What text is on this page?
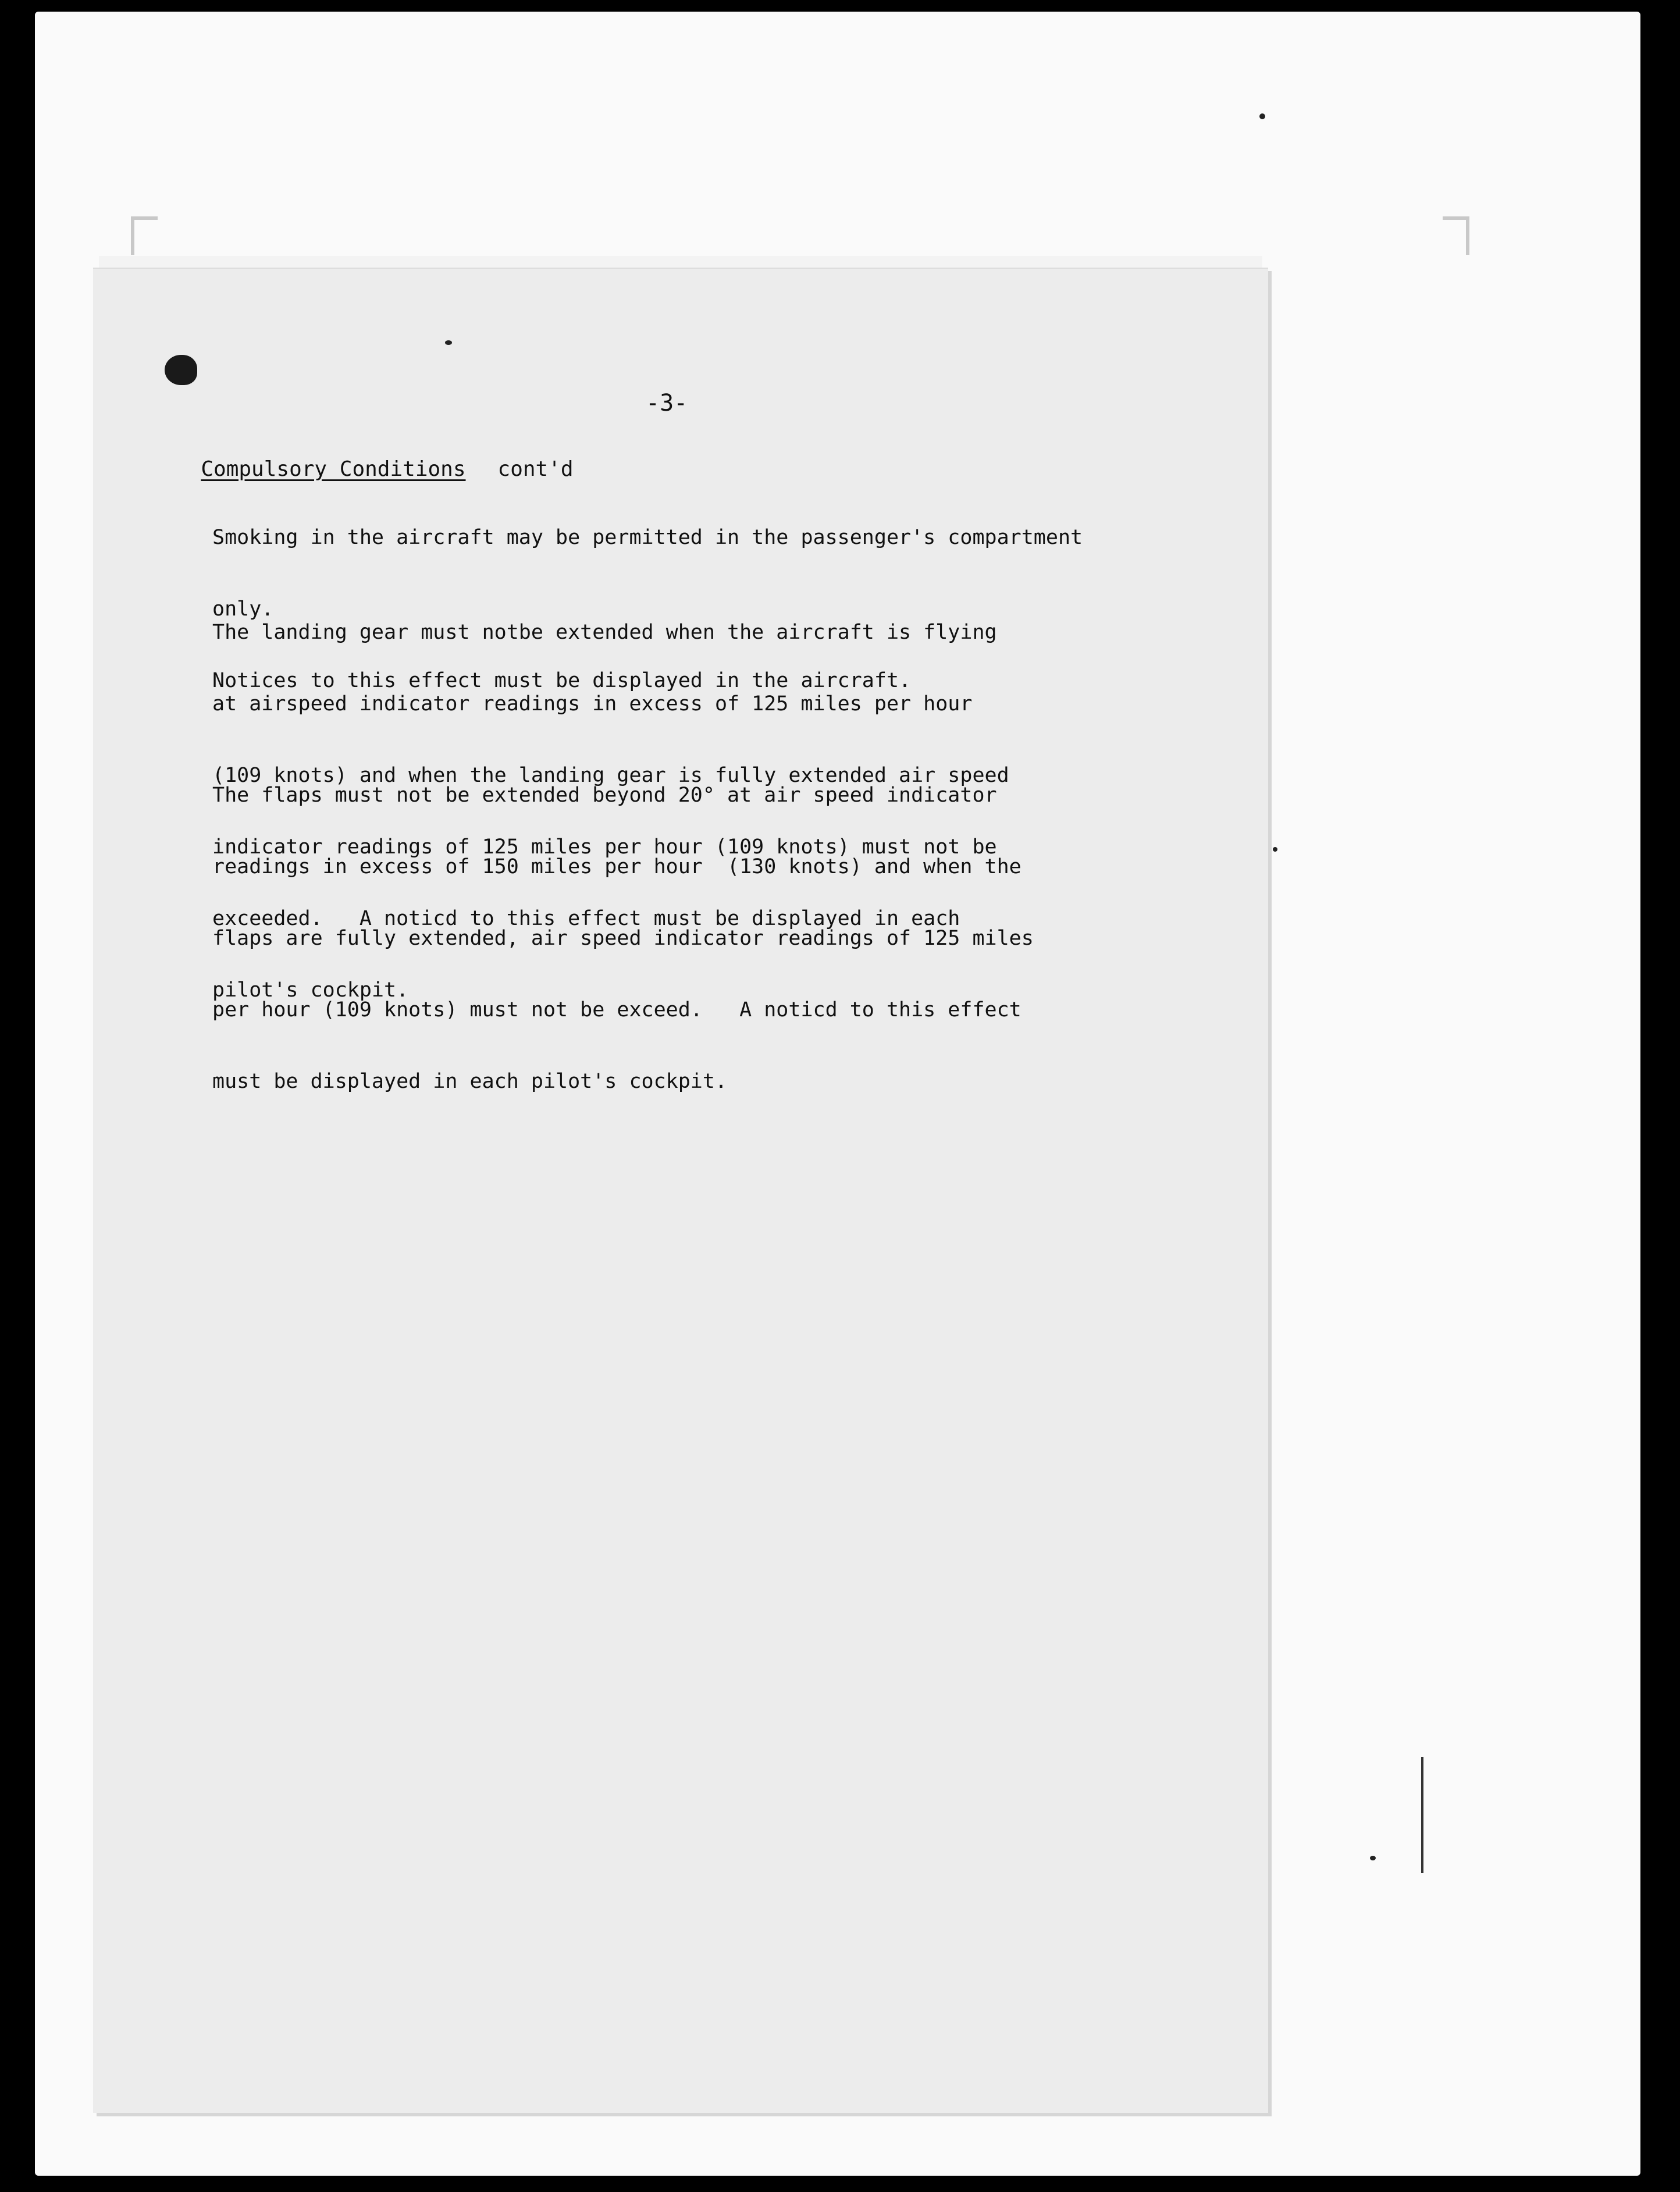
-3-

Compulsory Conditions cont'd

Smoking in the aircraft may be permitted in the passenger's compartment

only.

Notices to this effect must be displayed in the aircraft.

The landing gear must notbe extended when the aircraft is flying

at airspeed indicator readings in excess of 125 miles per hour

(109 knots) and when the landing gear is fully extended air speed

indicator readings of 125 miles per hour (109 knots) must not be

exceeded.   A noticd to this effect must be displayed in each

pilot's cockpit.

The flaps must not be extended beyond 20° at air speed indicator

readings in excess of 150 miles per hour  (130 knots) and when the

flaps are fully extended, air speed indicator readings of 125 miles

per hour (109 knots) must not be exceed.   A noticd to this effect

must be displayed in each pilot's cockpit.
